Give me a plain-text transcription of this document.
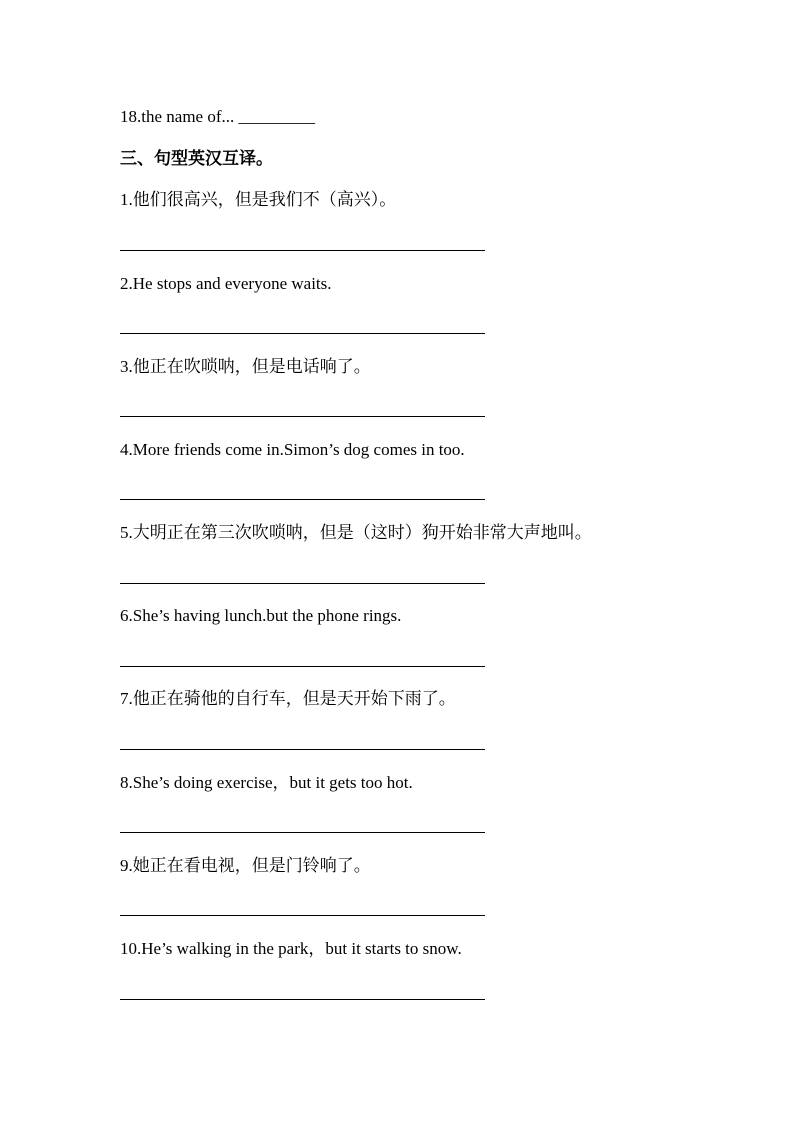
18.the name of... _________
三、句型英汉互译。
1.他们很高兴，但是我们不（高兴）。
2.He stops and everyone waits.
3.他正在吹唢呐，但是电话响了。
4.More friends come in.Simon’s dog comes in too.
5.大明正在第三次吹唢呐，但是（这时）狗开始非常大声地叫。
6.She’s having lunch.but the phone rings.
7.他正在骑他的自行车，但是天开始下雨了。
8.She’s doing exercise，but it gets too hot.
9.她正在看电视，但是门铃响了。
10.He’s walking in the park，but it starts to snow.
